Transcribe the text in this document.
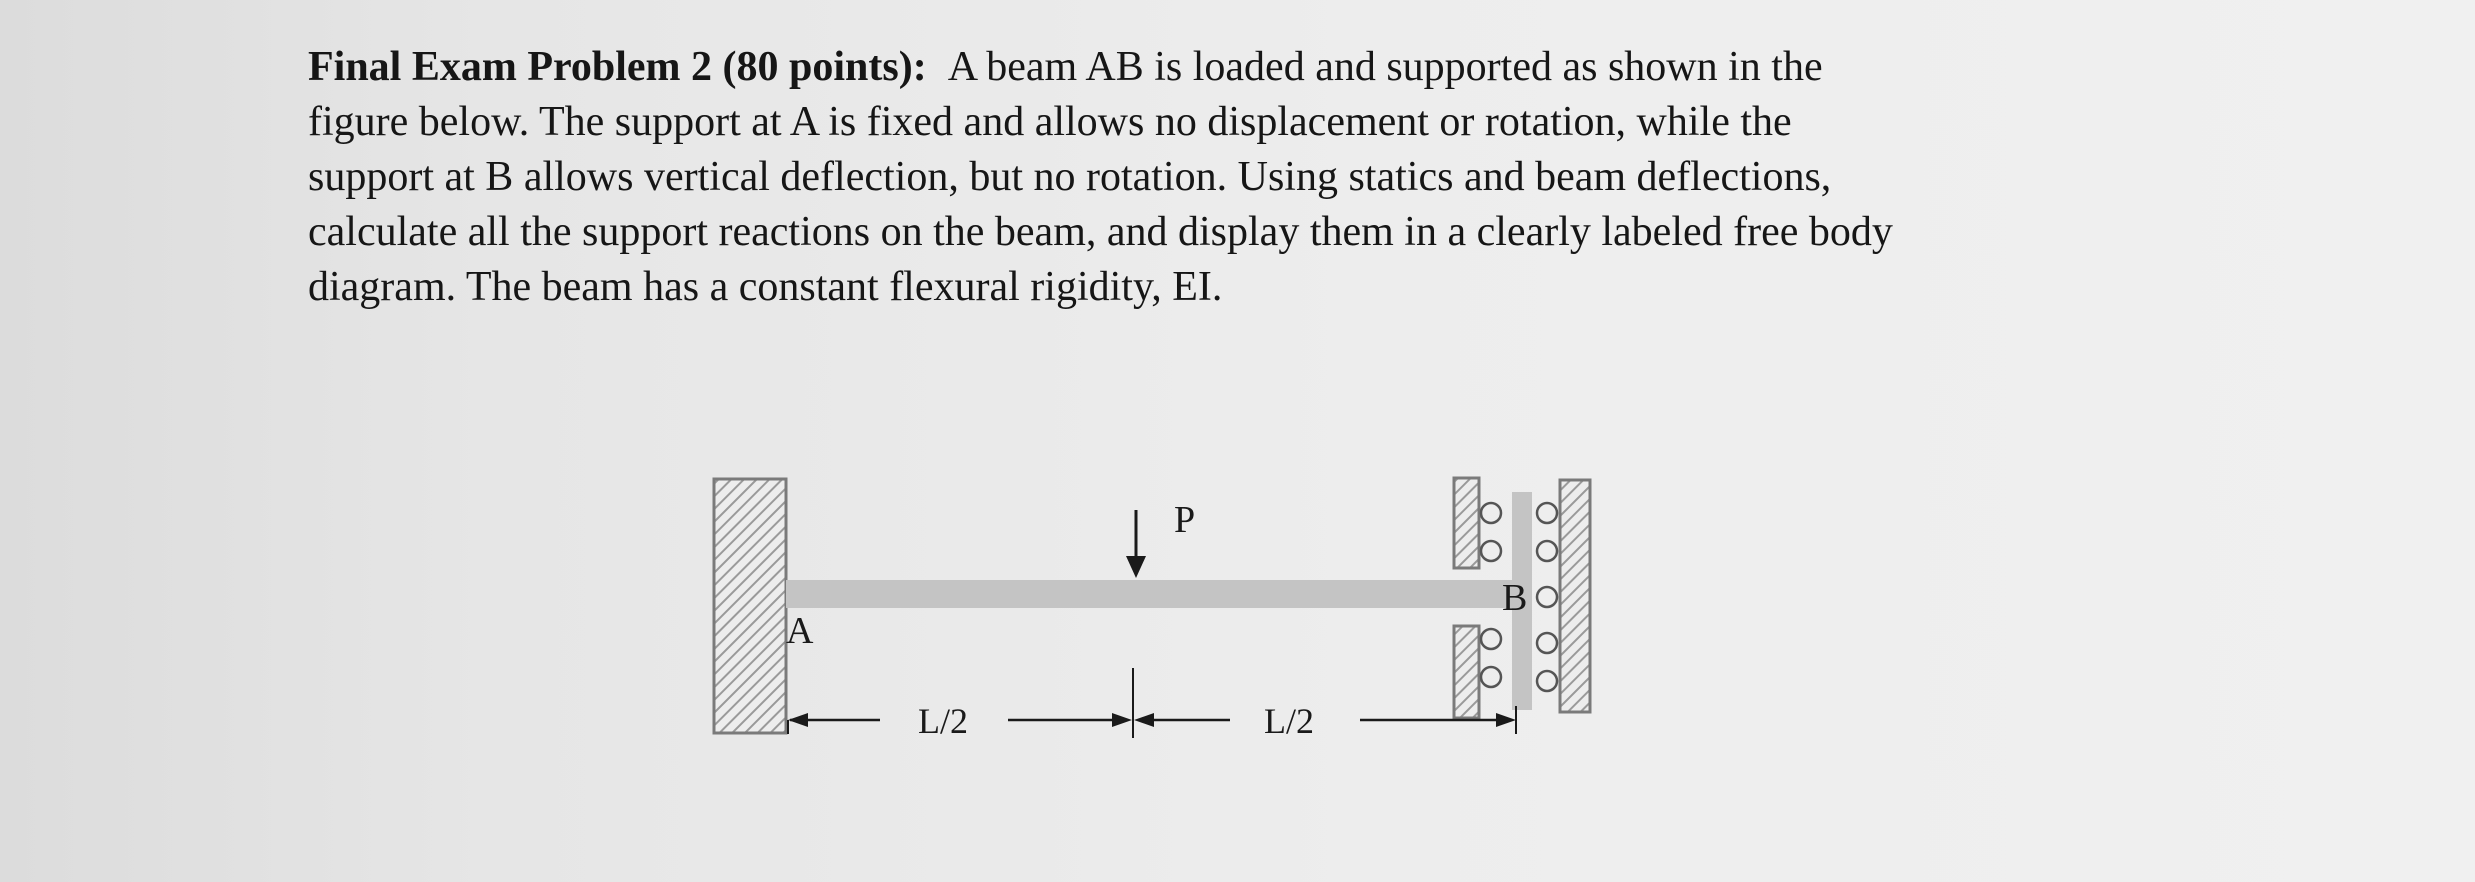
Final Exam Problem 2 (80 points): A beam AB is loaded and supported as shown in the
figure below. The support at A is fixed and allows no displacement or rotation, while the
support at B allows vertical deflection, but no rotation. Using statics and beam deflections,
calculate all the support reactions on the beam, and display them in a clearly labeled free body
diagram. The beam has a constant flexural rigidity, EI.
P
A
B
L/2	L/2
